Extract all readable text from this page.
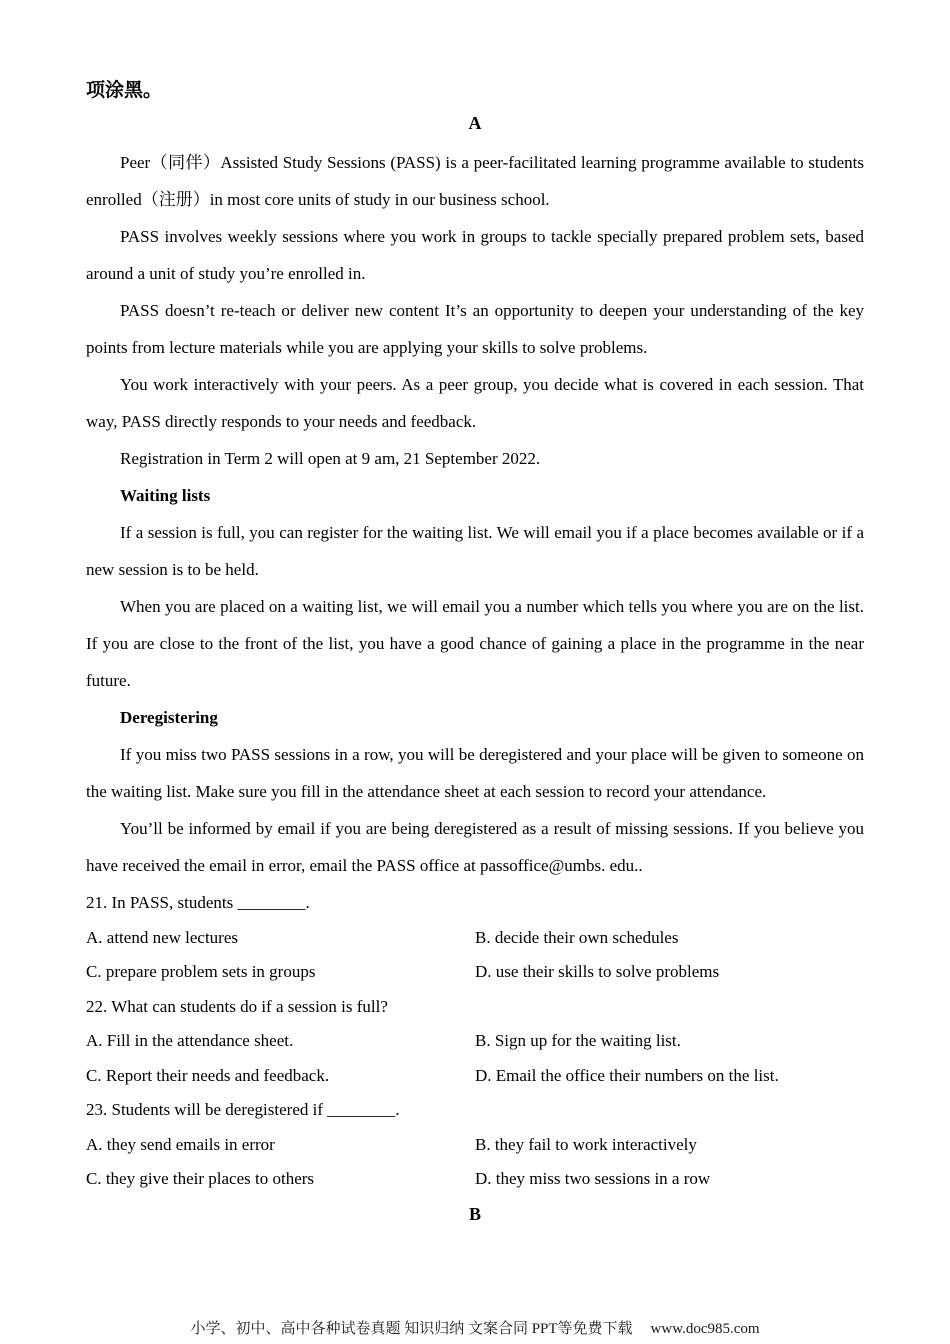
项涂黑。

A

Peer（同伴）Assisted Study Sessions (PASS) is a peer-facilitated learning programme available to students enrolled（注册）in most core units of study in our business school.

PASS involves weekly sessions where you work in groups to tackle specially prepared problem sets, based around a unit of study you’re enrolled in.

PASS doesn’t re-teach or deliver new content It’s an opportunity to deepen your understanding of the key points from lecture materials while you are applying your skills to solve problems.

You work interactively with your peers. As a peer group, you decide what is covered in each session. That way, PASS directly responds to your needs and feedback.

Registration in Term 2 will open at 9 am, 21 September 2022.

Waiting lists

If a session is full, you can register for the waiting list. We will email you if a place becomes available or if a new session is to be held.

When you are placed on a waiting list, we will email you a number which tells you where you are on the list. If you are close to the front of the list, you have a good chance of gaining a place in the programme in the near future.

Deregistering

If you miss two PASS sessions in a row, you will be deregistered and your place will be given to someone on the waiting list. Make sure you fill in the attendance sheet at each session to record your attendance.

You’ll be informed by email if you are being deregistered as a result of missing sessions. If you believe you have received the email in error, email the PASS office at passoffice@umbs. edu..

21. In PASS, students ________.

A. attend new lectures	B. decide their own schedules
C. prepare problem sets in groups	D. use their skills to solve problems

22. What can students do if a session is full?

A. Fill in the attendance sheet.	B. Sign up for the waiting list.
C. Report their needs and feedback.	D. Email the office their numbers on the list.

23. Students will be deregistered if ________.

A. they send emails in error	B. they fail to work interactively
C. they give their places to others	D. they miss two sessions in a row

B

小学、初中、高中各种试卷真题 知识归纳 文案合同 PPT等免费下载 www.doc985.com
